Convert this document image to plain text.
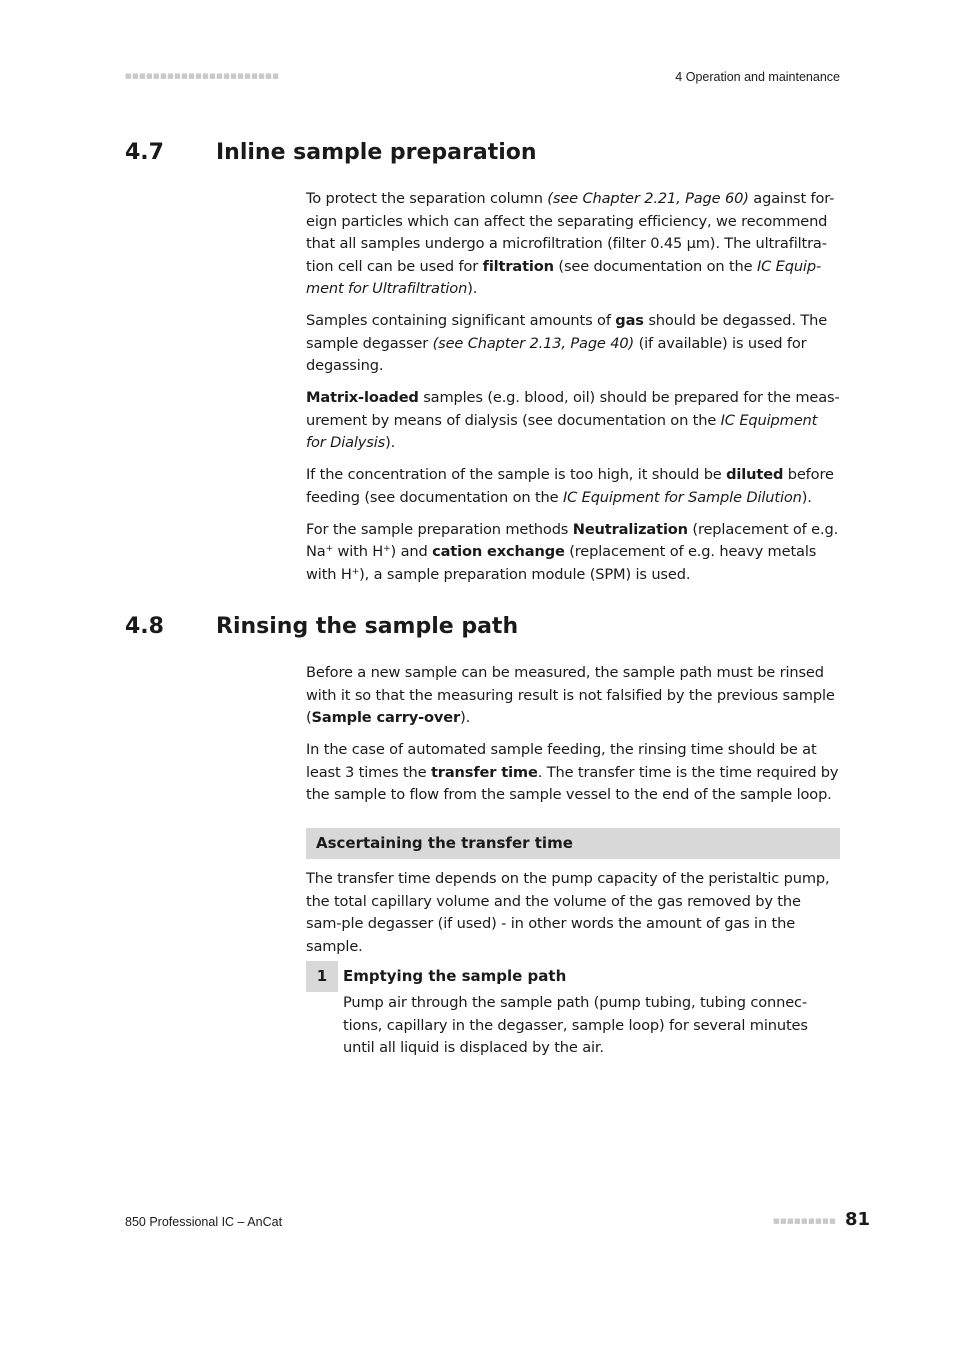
■■■■■■■■■■■■■■■■■■■■■■	4 Operation and maintenance
4.7 Inline sample preparation

To protect the separation column (see Chapter 2.21, Page 60) against for-eign particles which can affect the separating efficiency, we recommend that all samples undergo a microfiltration (filter 0.45 µm). The ultrafiltra-tion cell can be used for filtration (see documentation on the IC Equip-ment for Ultrafiltration).

Samples containing significant amounts of gas should be degassed. The sample degasser (see Chapter 2.13, Page 40) (if available) is used for degassing.

Matrix-loaded samples (e.g. blood, oil) should be prepared for the meas-urement by means of dialysis (see documentation on the IC Equipment for Dialysis).

If the concentration of the sample is too high, it should be diluted before feeding (see documentation on the IC Equipment for Sample Dilution).

For the sample preparation methods Neutralization (replacement of e.g. Na+ with H+) and cation exchange (replacement of e.g. heavy metals with H+), a sample preparation module (SPM) is used.

4.8 Rinsing the sample path

Before a new sample can be measured, the sample path must be rinsed with it so that the measuring result is not falsified by the previous sample (Sample carry-over).

In the case of automated sample feeding, the rinsing time should be at least 3 times the transfer time. The transfer time is the time required by the sample to flow from the sample vessel to the end of the sample loop.

Ascertaining the transfer time

The transfer time depends on the pump capacity of the peristaltic pump, the total capillary volume and the volume of the gas removed by the sam-ple degasser (if used) - in other words the amount of gas in the sample.

1	Emptying the sample path

Pump air through the sample path (pump tubing, tubing connec-tions, capillary in the degasser, sample loop) for several minutes until all liquid is displaced by the air.

850 Professional IC – AnCat	■■■■■■■■■ 81
